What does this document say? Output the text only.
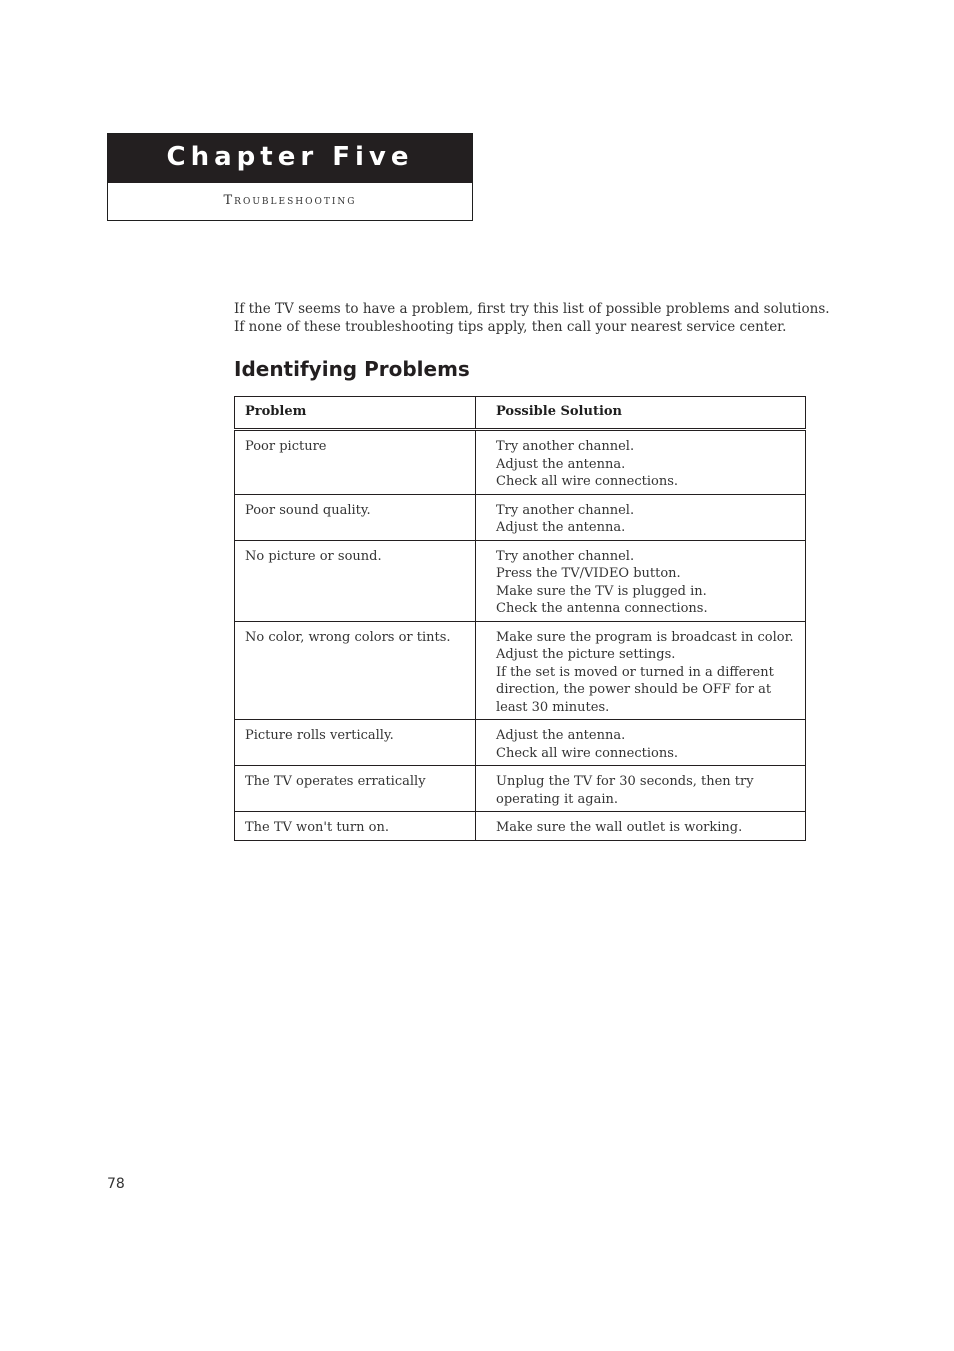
Chapter Five
Troubleshooting

If the TV seems to have a problem, first try this list of possible problems and solutions.

If none of these troubleshooting tips apply, then call your nearest service center.

Identifying Problems
Problem	Possible Solution
Poor picture	Try another channel.
Adjust the antenna.
Check all wire connections.

Poor sound quality.	Try another channel.
Adjust the antenna.

No picture or sound.	Try another channel.
Press the TV/VIDEO button.
Make sure the TV is plugged in.
Check the antenna connections.

No color, wrong colors or tints.	Make sure the program is broadcast in color.
Adjust the picture settings.
If the set is moved or turned in a different direction, the power should be OFF for at least 30 minutes.

Picture rolls vertically.	Adjust the antenna.
Check all wire connections.

The TV operates erratically	Unplug the TV for 30 seconds, then try operating it again.

The TV won't turn on.	Make sure the wall outlet is working.
78
